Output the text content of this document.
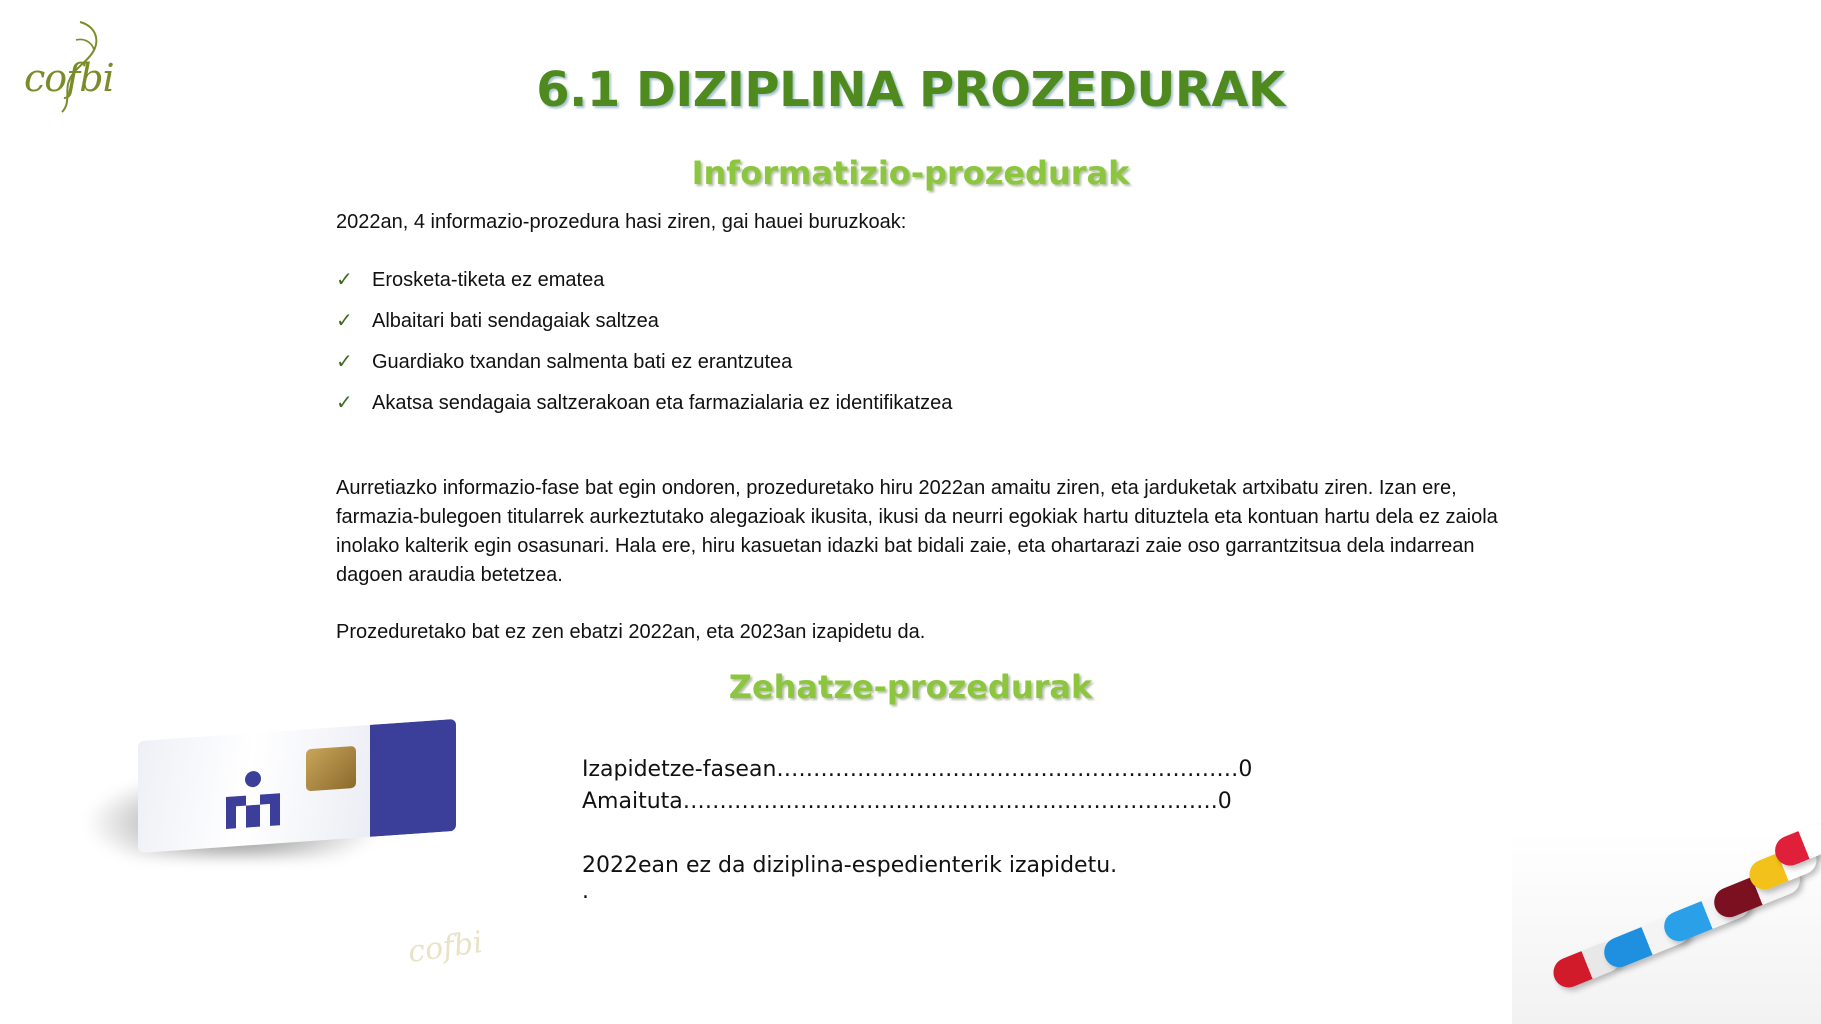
cofbi	6.1 DIZIPLINA PROZEDURAK
Informatizio-prozedurak
2022an, 4 informazio-prozedura hasi ziren, gai hauei buruzkoak:
✓ Erosketa-tiketa ez ematea
✓ Albaitari bati sendagaiak saltzea
✓ Guardiako txandan salmenta bati ez erantzutea
✓ Akatsa sendagaia saltzerakoan eta farmazialaria ez identifikatzea
Aurretiazko informazio-fase bat egin ondoren, prozeduretako hiru 2022an amaitu ziren, eta jarduketak artxibatu ziren. Izan ere, farmazia-bulegoen titularrek aurkeztutako alegazioak ikusita, ikusi da neurri egokiak hartu dituztela eta kontuan hartu dela ez zaiola inolako kalterik egin osasunari. Hala ere, hiru kasuetan idazki bat bidali zaie, eta ohartarazi zaie oso garrantzitsua dela indarrean dagoen araudia betetzea.
Prozeduretako bat ez zen ebatzi 2022an, eta 2023an izapidetu da.
Zehatze-prozedurak
Izapidetze-fasean………………………………………………………0
Amaituta……………………………………………………………….0
2022ean ez da diziplina-espedienterik izapidetu.
.
cofbi
